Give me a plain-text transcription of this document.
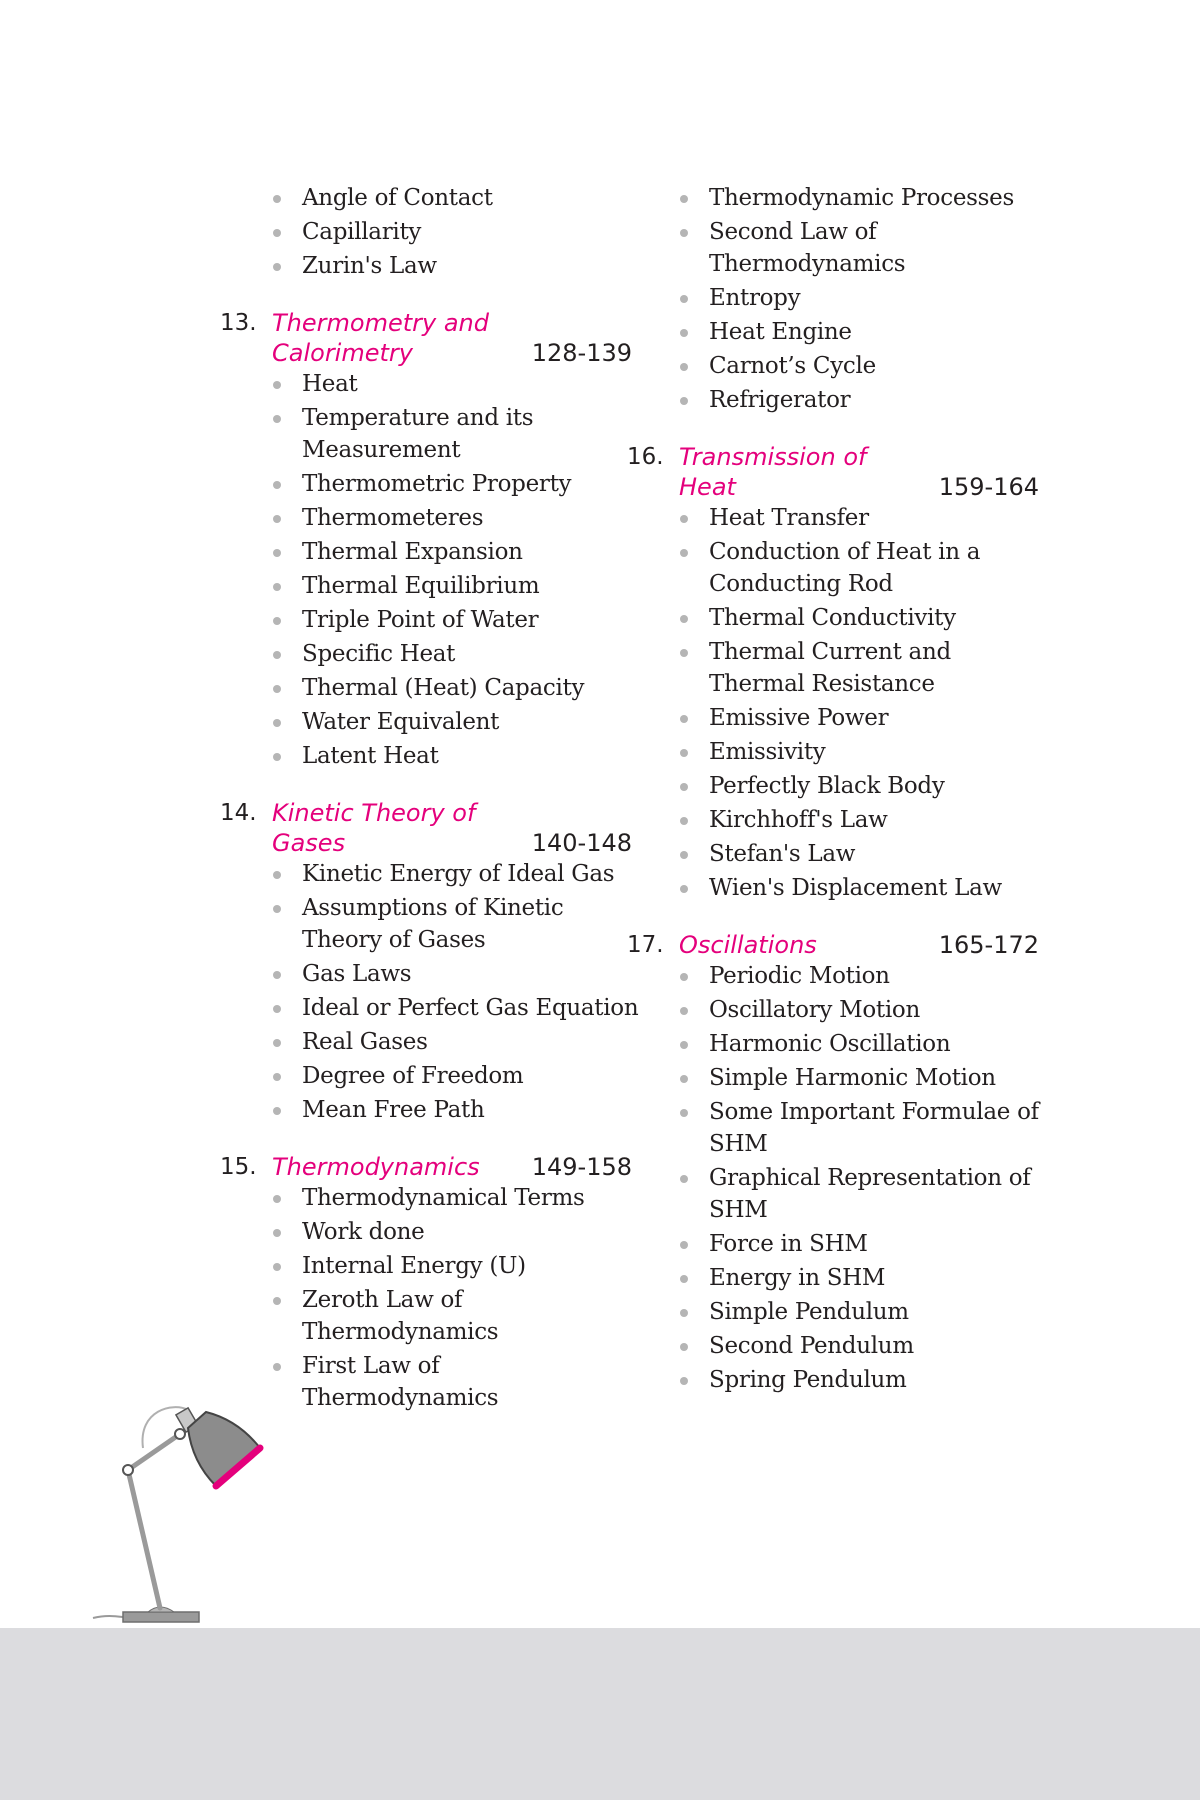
Angle of Contact
Capillarity
Zurin's Law
13. Thermometry and Calorimetry	128-139
Heat
Temperature and its Measurement
Thermometric Property
Thermometeres
Thermal Expansion
Thermal Equilibrium
Triple Point of Water
Specific Heat
Thermal (Heat) Capacity
Water Equivalent
Latent Heat
14. Kinetic Theory of Gases	140-148
Kinetic Energy of Ideal Gas
Assumptions of Kinetic Theory of Gases
Gas Laws
Ideal or Perfect Gas Equation
Real Gases
Degree of Freedom
Mean Free Path
15. Thermodynamics	149-158
Thermodynamical Terms
Work done
Internal Energy (U)
Zeroth Law of Thermodynamics
First Law of Thermodynamics
Thermodynamic Processes
Second Law of Thermodynamics
Entropy
Heat Engine
Carnot’s Cycle
Refrigerator
16. Transmission of Heat	159-164
Heat Transfer
Conduction of Heat in a Conducting Rod
Thermal Conductivity
Thermal Current and Thermal Resistance
Emissive Power
Emissivity
Perfectly Black Body
Kirchhoff's Law
Stefan's Law
Wien's Displacement Law
17. Oscillations	165-172
Periodic Motion
Oscillatory Motion
Harmonic Oscillation
Simple Harmonic Motion
Some Important Formulae of SHM
Graphical Representation of SHM
Force in SHM
Energy in SHM
Simple Pendulum
Second Pendulum
Spring Pendulum
